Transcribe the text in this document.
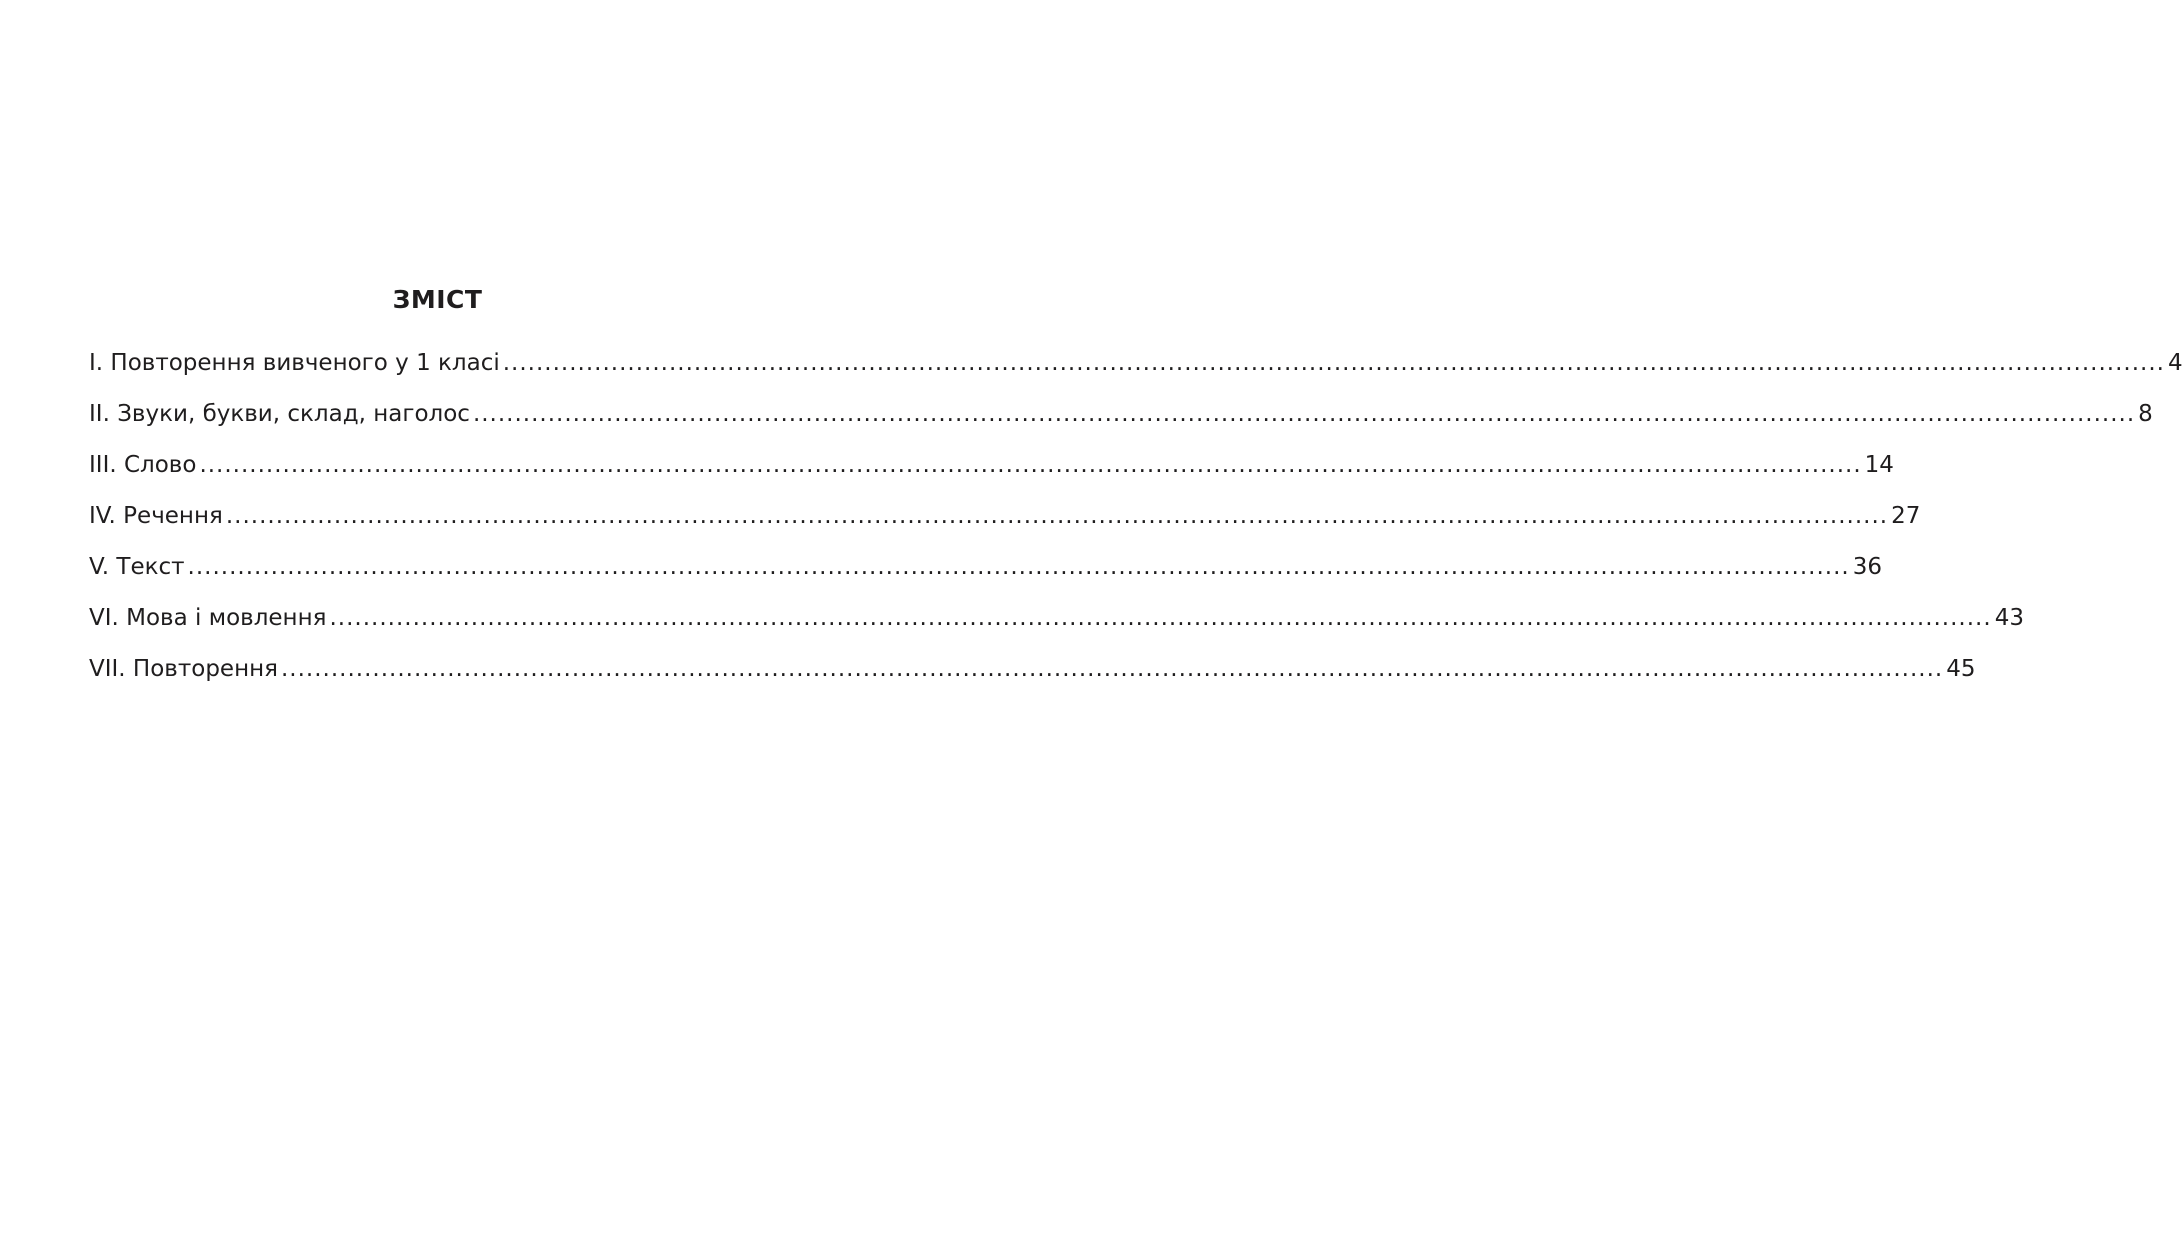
ЗМІСТ
I. Повторення вивченого у 1 класі ........................................................................................................................................................................................................ 4
II. Звуки, букви, склад, наголос ........................................................................................................................................................................................................ 8
III. Слово ........................................................................................................................................................................................................ 14
IV. Речення ........................................................................................................................................................................................................ 27
V. Текст ........................................................................................................................................................................................................ 36
VI. Мова і мовлення ........................................................................................................................................................................................................ 43
VII. Повторення ........................................................................................................................................................................................................ 45
